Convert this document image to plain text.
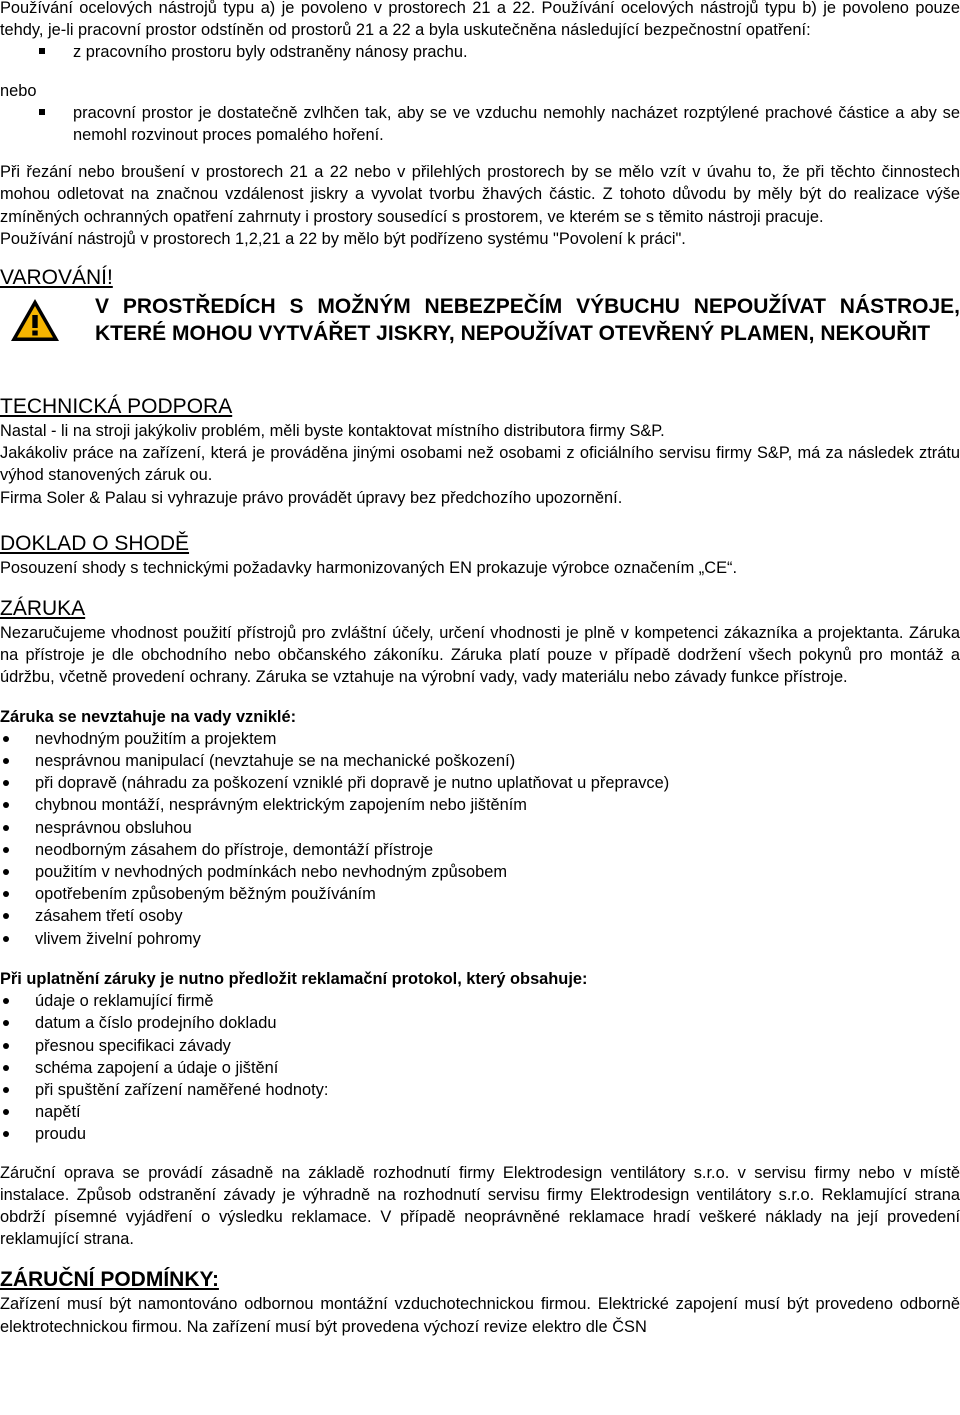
Používání ocelových nástrojů typu a) je povoleno v prostorech 21 a 22. Používání ocelových nástrojů typu b) je povoleno pouze tehdy, je-li pracovní prostor odstíněn od prostorů 21 a 22 a byla uskutečněna následující bezpečnostní opatření:

z pracovního prostoru byly odstraněny nánosy prachu.

nebo

pracovní prostor je dostatečně zvlhčen tak, aby se ve vzduchu nemohly nacházet rozptýlené prachové částice a aby se nemohl rozvinout proces pomalého hoření.

Při řezání nebo broušení v prostorech 21 a 22 nebo v přilehlých prostorech by se mělo vzít v úvahu to, že při těchto činnostech mohou odletovat na značnou vzdálenost jiskry a vyvolat tvorbu žhavých částic. Z tohoto důvodu by měly být do realizace výše zmíněných ochranných opatření zahrnuty i prostory sousedící s prostorem, ve kterém se s těmito nástroji pracuje.

Používání nástrojů v prostorech 1,2,21 a 22 by mělo být podřízeno systému "Povolení k práci".

VAROVÁNÍ!
V PROSTŘEDÍCH S MOŽNÝM NEBEZPEČÍM VÝBUCHU NEPOUŽÍVAT NÁSTROJE, KTERÉ MOHOU VYTVÁŘET JISKRY, NEPOUŽÍVAT OTEVŘENÝ PLAMEN, NEKOUŘIT
TECHNICKÁ PODPORA

Nastal - li na stroji jakýkoliv problém, měli byste kontaktovat místního distributora firmy S&P.

Jakákoliv práce na zařízení, která je prováděna jinými osobami než osobami z oficiálního servisu firmy S&P, má za následek ztrátu výhod stanovených záruk ou.

Firma Soler & Palau si vyhrazuje právo provádět úpravy bez předchozího upozornění.

DOKLAD O SHODĚ

Posouzení shody s technickými požadavky harmonizovaných EN prokazuje výrobce označením „CE“.

ZÁRUKA

Nezaručujeme vhodnost použití přístrojů pro zvláštní účely, určení vhodnosti je plně v kompetenci zákazníka a projektanta. Záruka na přístroje je dle obchodního nebo občanského zákoníku. Záruka platí pouze v případě dodržení všech pokynů pro montáž a údržbu, včetně provedení ochrany. Záruka se vztahuje na výrobní vady, vady materiálu nebo závady funkce přístroje.

Záruka se nevztahuje na vady vzniklé:

nevhodným použitím a projektem
nesprávnou manipulací (nevztahuje se na mechanické poškození)
při dopravě (náhradu za poškození vzniklé při dopravě je nutno uplatňovat u přepravce)
chybnou montáží, nesprávným elektrickým zapojením nebo jištěním
nesprávnou obsluhou
neodborným zásahem do přístroje, demontáží přístroje
použitím v nevhodných podmínkách nebo nevhodným způsobem
opotřebením způsobeným běžným používáním
zásahem třetí osoby
vlivem živelní pohromy

Při uplatnění záruky je nutno předložit reklamační protokol, který obsahuje:

údaje o reklamující firmě
datum a číslo prodejního dokladu
přesnou specifikaci závady
schéma zapojení a údaje o jištění
při spuštění zařízení naměřené hodnoty:
napětí
proudu

Záruční oprava se provádí zásadně na základě rozhodnutí firmy Elektrodesign ventilátory s.r.o. v servisu firmy nebo v místě instalace. Způsob odstranění závady je výhradně na rozhodnutí servisu firmy Elektrodesign ventilátory s.r.o. Reklamující strana obdrží písemné vyjádření o výsledku reklamace. V případě neoprávněné reklamace hradí veškeré náklady na její provedení reklamující strana.

ZÁRUČNÍ PODMÍNKY:

Zařízení musí být namontováno odbornou montážní vzduchotechnickou firmou. Elektrické zapojení musí být provedeno odborně elektrotechnickou firmou. Na zařízení musí být provedena výchozí revize elektro dle ČSN
